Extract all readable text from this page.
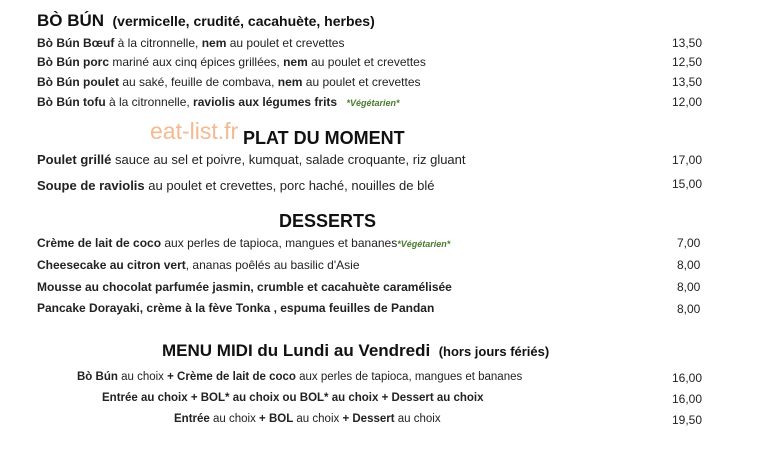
BÒ BÚN (vermicelle, crudité, cacahuète, herbes)
Bò Bún Bœuf à la citronnelle, nem au poulet et crevettes	13,50
Bò Bún porc mariné aux cinq épices grillées, nem au poulet et crevettes	12,50
Bò Bún poulet au saké, feuille de combava, nem au poulet et crevettes	13,50
Bò Bún tofu à la citronnelle, raviolis aux légumes frits *Végétarien*	12,00
eat-list.fr PLAT DU MOMENT
Poulet grillé sauce au sel et poivre, kumquat, salade croquante, riz gluant	17,00
Soupe de raviolis au poulet et crevettes, porc haché, nouilles de blé	15,00
DESSERTS
Crème de lait de coco aux perles de tapioca, mangues et bananes*Végétarien*	7,00
Cheesecake au citron vert, ananas poêlés au basilic d'Asie	8,00
Mousse au chocolat parfumée jasmin, crumble et cacahuète caramélisée	8,00
Pancake Dorayaki, crème à la fève Tonka , espuma feuilles de Pandan	8,00
MENU MIDI du Lundi au Vendredi (hors jours fériés)
Bò Bún au choix + Crème de lait de coco aux perles de tapioca, mangues et bananes	16,00
Entrée au choix + BOL* au choix ou BOL* au choix + Dessert au choix	16,00
Entrée au choix + BOL au choix + Dessert au choix	19,50
